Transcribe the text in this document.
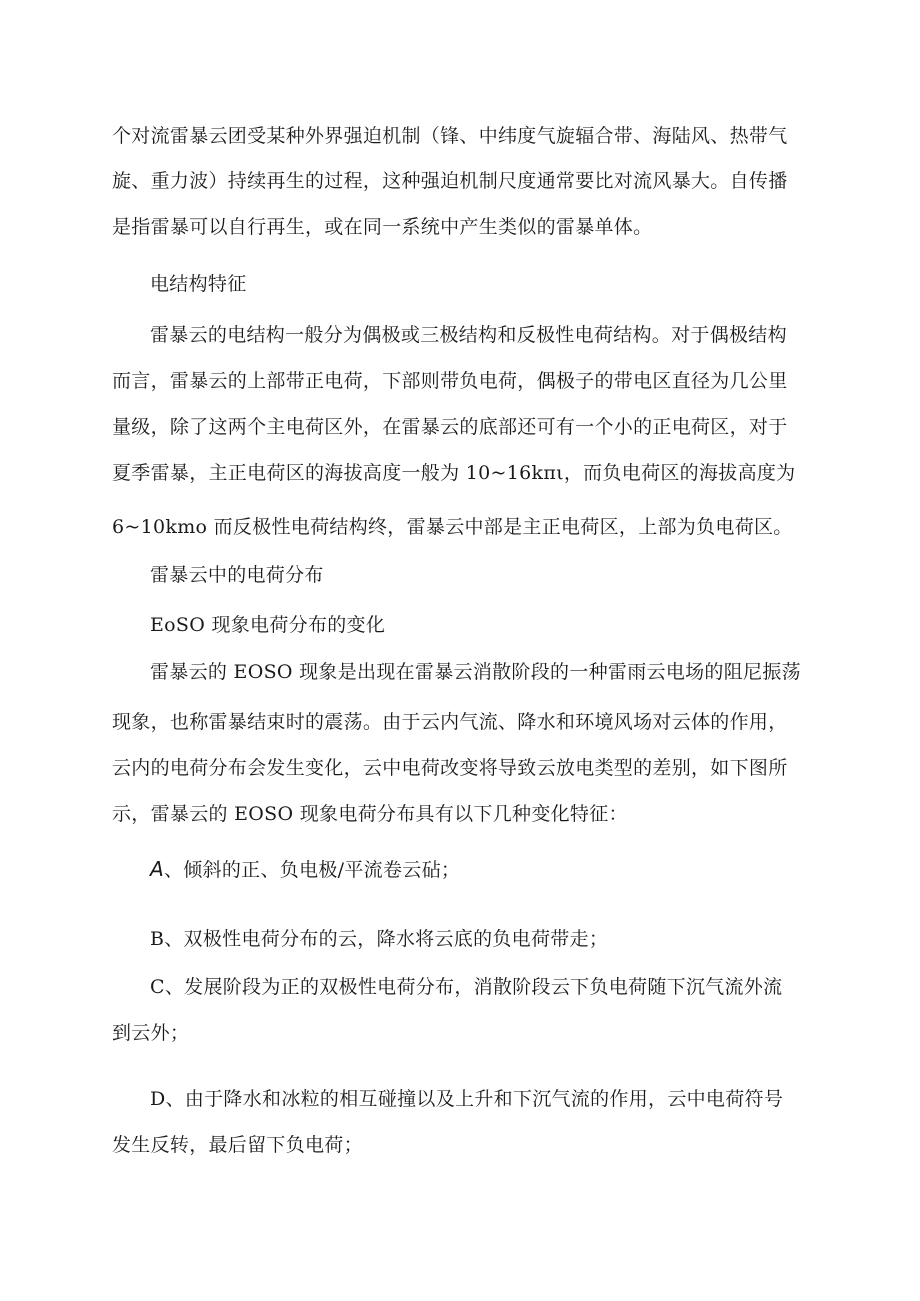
个对流雷暴云团受某种外界强迫机制（锋、中纬度气旋辐合带、海陆风、热带气
旋、重力波）持续再生的过程，这种强迫机制尺度通常要比对流风暴大。自传播
是指雷暴可以自行再生，或在同一系统中产生类似的雷暴单体。
电结构特征
雷暴云的电结构一般分为偶极或三极结构和反极性电荷结构。对于偶极结构
而言，雷暴云的上部带正电荷，下部则带负电荷，偶极子的带电区直径为几公里
量级，除了这两个主电荷区外，在雷暴云的底部还可有一个小的正电荷区，对于
夏季雷暴，主正电荷区的海拔高度一般为 10~16kπι，而负电荷区的海拔高度为
6~10kmo 而反极性电荷结构终，雷暴云中部是主正电荷区，上部为负电荷区。
雷暴云中的电荷分布
EoSO 现象电荷分布的变化
雷暴云的 EOSO 现象是出现在雷暴云消散阶段的一种雷雨云电场的阻尼振荡
现象，也称雷暴结束时的震荡。由于云内气流、降水和环境风场对云体的作用，
云内的电荷分布会发生变化，云中电荷改变将导致云放电类型的差别，如下图所
示，雷暴云的 EOSO 现象电荷分布具有以下几种变化特征：
A、倾斜的正、负电极/平流卷云砧；
B、双极性电荷分布的云，降水将云底的负电荷带走；
C、发展阶段为正的双极性电荷分布，消散阶段云下负电荷随下沉气流外流
到云外；
D、由于降水和冰粒的相互碰撞以及上升和下沉气流的作用，云中电荷符号
发生反转，最后留下负电荷；
